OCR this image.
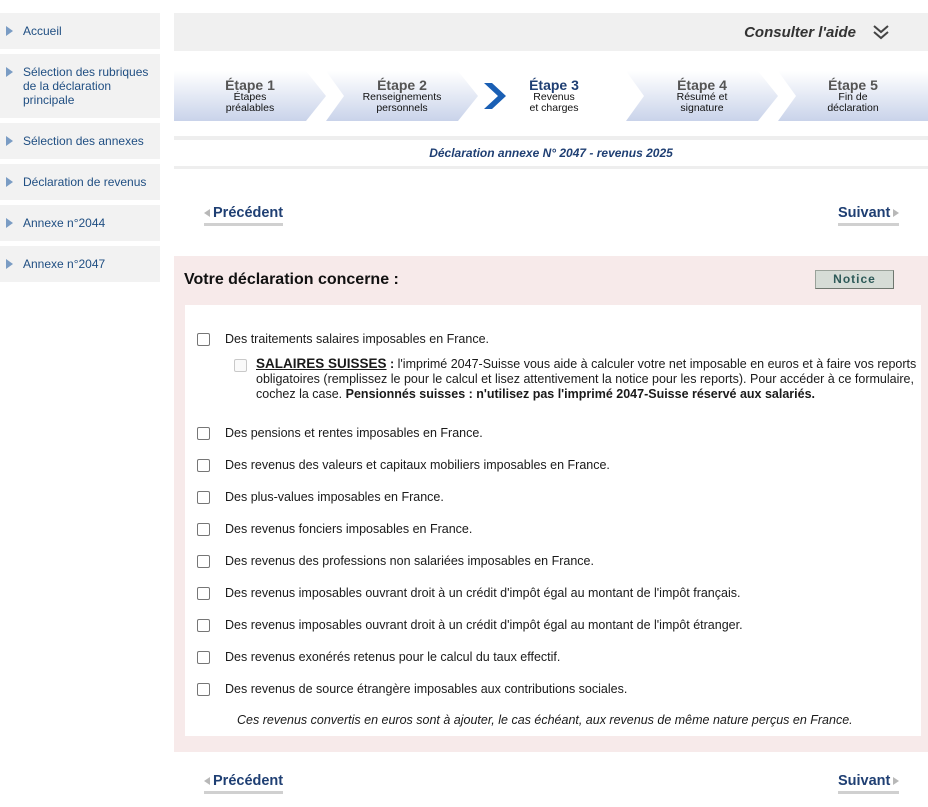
Accueil
Sélection des rubriques de la déclaration principale
Sélection des annexes
Déclaration de revenus
Annexe n°2044
Annexe n°2047
Consulter l'aide
Étape 1
Étapes
préalables
Étape 2
Renseignements
personnels
Étape 3
Revenus
et charges
Étape 4
Résumé et
signature
Étape 5
Fin de
déclaration
Déclaration annexe N° 2047 - revenus 2025
Précédent	Suivant
Votre déclaration concerne :	Notice
Des traitements salaires imposables en France.
SALAIRES SUISSES : l'imprimé 2047-Suisse vous aide à calculer votre net imposable en euros et à faire vos reports obligatoires (remplissez le pour le calcul et lisez attentivement la notice pour les reports). Pour accéder à ce formulaire, cochez la case. Pensionnés suisses : n'utilisez pas l'imprimé 2047-Suisse réservé aux salariés.
Des pensions et rentes imposables en France.
Des revenus des valeurs et capitaux mobiliers imposables en France.
Des plus-values imposables en France.
Des revenus fonciers imposables en France.
Des revenus des professions non salariées imposables en France.
Des revenus imposables ouvrant droit à un crédit d'impôt égal au montant de l'impôt français.
Des revenus imposables ouvrant droit à un crédit d'impôt égal au montant de l'impôt étranger.
Des revenus exonérés retenus pour le calcul du taux effectif.
Des revenus de source étrangère imposables aux contributions sociales.
Ces revenus convertis en euros sont à ajouter, le cas échéant, aux revenus de même nature perçus en France.
Précédent	Suivant
